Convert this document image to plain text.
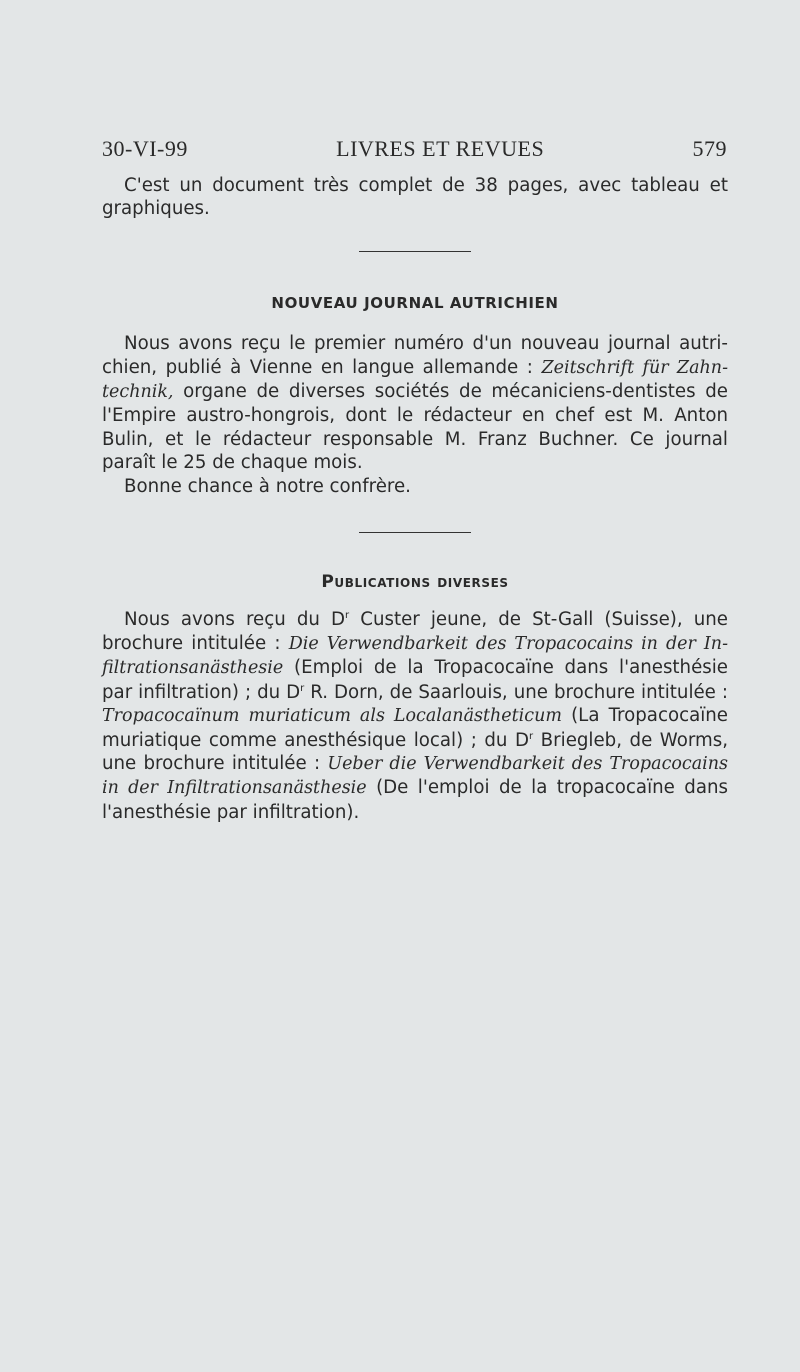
30-VI-99	LIVRES ET REVUES	579

C'est un document très complet de 38 pages, avec tableau et graphiques.

NOUVEAU JOURNAL AUTRICHIEN

Nous avons reçu le premier numéro d'un nouveau journal autrichien, publié à Vienne en langue allemande : Zeitschrift für Zahntechnik, organe de diverses sociétés de mécaniciens-dentistes de l'Empire austro-hongrois, dont le rédacteur en chef est M. Anton Bulin, et le rédacteur responsable M. Franz Buchner. Ce journal paraît le 25 de chaque mois.

Bonne chance à notre confrère.

Publications diverses

Nous avons reçu du $D^r$ Custer jeune, de St-Gall (Suisse), une brochure intitulée : Die Verwendbarkeit des Tropacocains in der Infiltrationsanästhesie (Emploi de la Tropacocaïne dans l'anesthésie par infiltration) ; du $D^r$ R. Dorn, de Saarlouis, une brochure intitulée : Tropacocaïnum muriaticum als Localanästheticum (La Tropacocaïne muriatique comme anesthésique local) ; du $D^r$ Briegleb, de Worms, une brochure intitulée : Ueber die Verwendbarkeit des Tropacocains in der Infiltrationsanästhesie (De l'emploi de la tropacocaïne dans l'anesthésie par infiltration).
